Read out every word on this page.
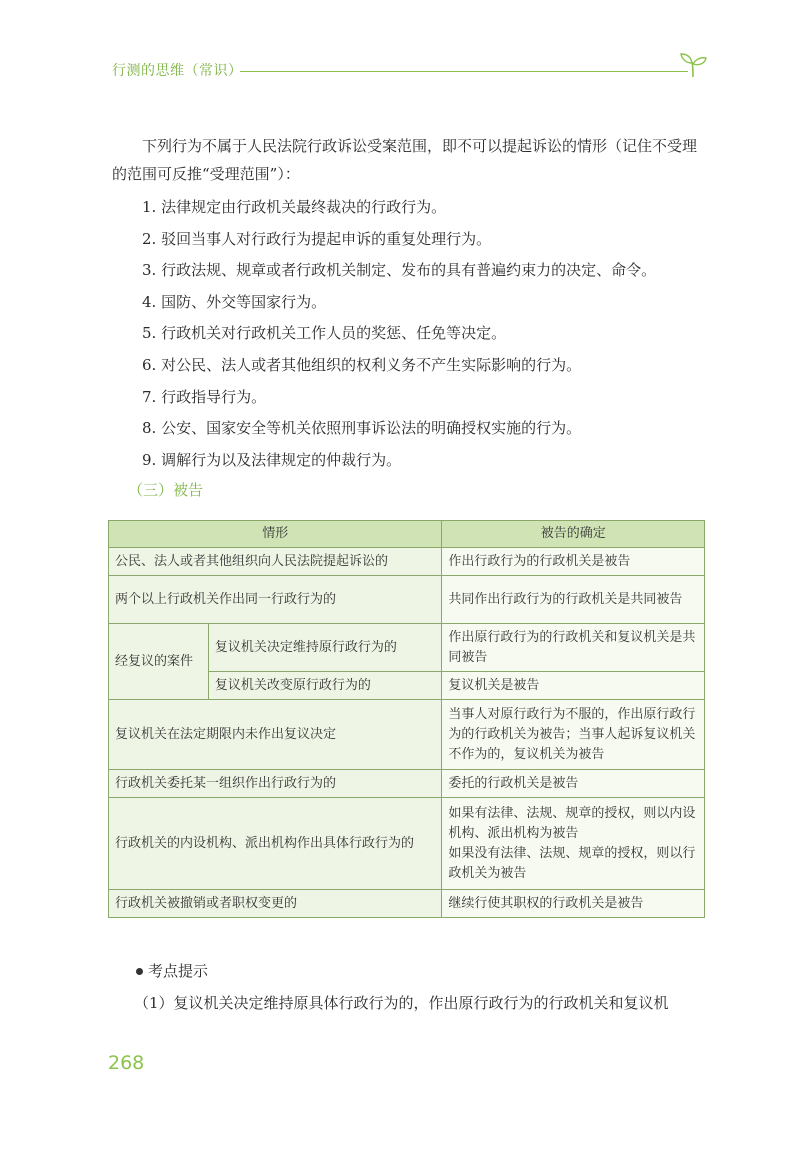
行测的思维（常识）

下列行为不属于人民法院行政诉讼受案范围，即不可以提起诉讼的情形（记住不受理的范围可反推“受理范围”）：

1. 法律规定由行政机关最终裁决的行政行为。
2. 驳回当事人对行政行为提起申诉的重复处理行为。
3. 行政法规、规章或者行政机关制定、发布的具有普遍约束力的决定、命令。
4. 国防、外交等国家行为。
5. 行政机关对行政机关工作人员的奖惩、任免等决定。
6. 对公民、法人或者其他组织的权利义务不产生实际影响的行为。
7. 行政指导行为。
8. 公安、国家安全等机关依照刑事诉讼法的明确授权实施的行为。
9. 调解行为以及法律规定的仲裁行为。
（三）被告
情形		被告的确定
公民、法人或者其他组织向人民法院提起诉讼的		作出行政行为的行政机关是被告
两个以上行政机关作出同一行政行为的		共同作出行政行为的行政机关是共同被告
经复议的案件	复议机关决定维持原行政行为的	作出原行政行为的行政机关和复议机关是共同被告
	复议机关改变原行政行为的	复议机关是被告
复议机关在法定期限内未作出复议决定		当事人对原行政行为不服的，作出原行政行为的行政机关为被告；当事人起诉复议机关不作为的，复议机关为被告
行政机关委托某一组织作出行政行为的		委托的行政机关是被告
行政机关的内设机构、派出机构作出具体行政行为的		如果有法律、法规、规章的授权，则以内设机构、派出机构为被告
如果没有法律、法规、规章的授权，则以行政机关为被告

行政机关被撤销或者职权变更的		继续行使其职权的行政机关是被告
考点提示
（1）复议机关决定维持原具体行政行为的，作出原行政行为的行政机关和复议机
268
